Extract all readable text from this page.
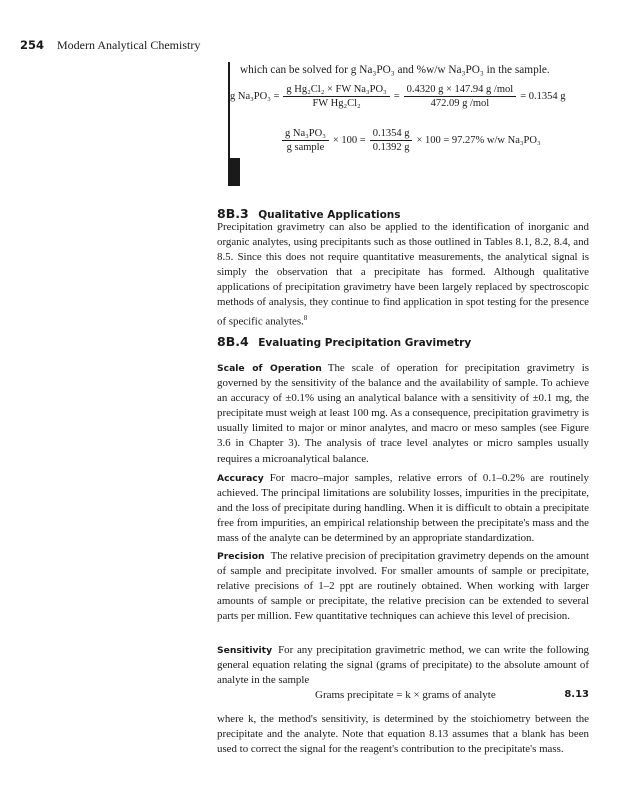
254 Modern Analytical Chemistry
which can be solved for g Na₃PO₃ and %w/w Na₃PO₃ in the sample.
g $Na_3PO_3 = \frac{\text{g Hg₂Cl₂ × FW Na₃PO₃}}{\text{FW Hg₂Cl₂}} = \frac{\text{0.4320 g × 147.94 g /mol}}{\text{472.09 g /mol}} = 0.1354$ g
$\frac{\text{g Na₃PO₃}}{\text{g sample}} \times 100 = \frac{0.1354 g}{0.1392 g} \times 100 = 97.27\%$ w/w Na₃PO₃
8B.3 Qualitative Applications

Precipitation gravimetry can also be applied to the identification of inorganic and organic analytes, using precipitants such as those outlined in Tables 8.1, 8.2, 8.4, and 8.5. Since this does not require quantitative measurements, the analytical signal is simply the observation that a precipitate has formed. Although qualitative applications of precipitation gravimetry have been largely replaced by spectroscopic methods of analysis, they continue to find application in spot testing for the presence of specific analytes.$^8$

8B.4 Evaluating Precipitation Gravimetry

Scale of Operation The scale of operation for precipitation gravimetry is governed by the sensitivity of the balance and the availability of sample. To achieve an accuracy of ±0.1% using an analytical balance with a sensitivity of ±0.1 mg, the precipitate must weigh at least 100 mg. As a consequence, precipitation gravimetry is usually limited to major or minor analytes, and macro or meso samples (see Figure 3.6 in Chapter 3). The analysis of trace level analytes or micro samples usually requires a microanalytical balance.

Accuracy For macro–major samples, relative errors of 0.1–0.2% are routinely achieved. The principal limitations are solubility losses, impurities in the precipitate, and the loss of precipitate during handling. When it is difficult to obtain a precipitate free from impurities, an empirical relationship between the precipitate's mass and the mass of the analyte can be determined by an appropriate standardization.

Precision The relative precision of precipitation gravimetry depends on the amount of sample and precipitate involved. For smaller amounts of sample or precipitate, relative precisions of 1–2 ppt are routinely obtained. When working with larger amounts of sample or precipitate, the relative precision can be extended to several parts per million. Few quantitative techniques can achieve this level of precision.

Sensitivity For any precipitation gravimetric method, we can write the following general equation relating the signal (grams of precipitate) to the absolute amount of analyte in the sample

Grams precipitate = k × grams of analyte	8.13

where k, the method's sensitivity, is determined by the stoichiometry between the precipitate and the analyte. Note that equation 8.13 assumes that a blank has been used to correct the signal for the reagent's contribution to the precipitate's mass.
